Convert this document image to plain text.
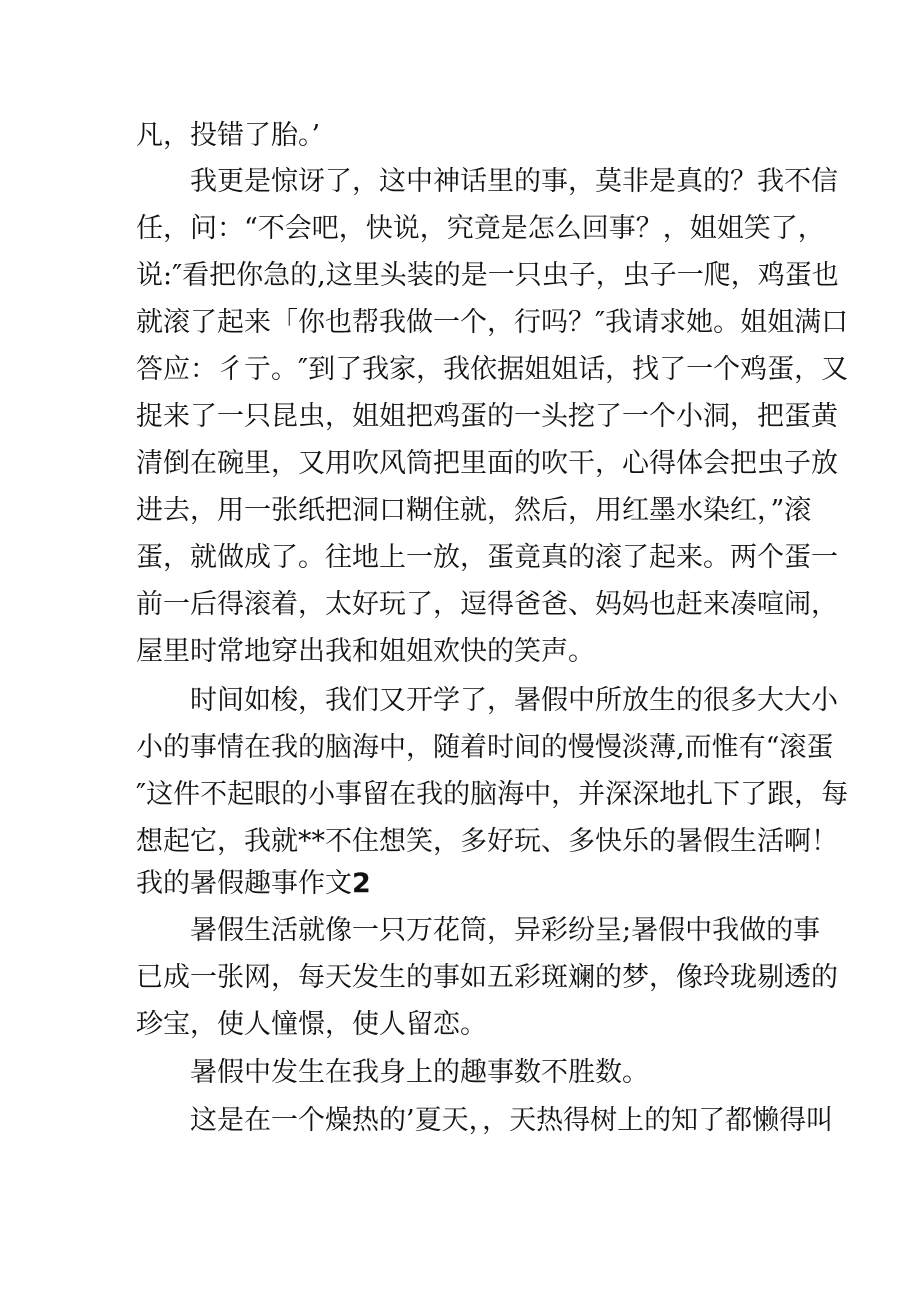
凡，投错了胎。’
我更是惊讶了，这中神话里的事，莫非是真的？我不信
任，问：“不会吧，快说，究竟是怎么回事？，姐姐笑了，
说:″看把你急的,这里头装的是一只虫子，虫子一爬，鸡蛋也
就滚了起来「你也帮我做一个，行吗？″我请求她。姐姐满口
答应：彳亍。″到了我家，我依据姐姐话，找了一个鸡蛋，又
捉来了一只昆虫，姐姐把鸡蛋的一头挖了一个小洞，把蛋黄
清倒在碗里，又用吹风筒把里面的吹干，心得体会把虫子放
进去，用一张纸把洞口糊住就，然后，用红墨水染红，”滚
蛋，就做成了。往地上一放，蛋竟真的滚了起来。两个蛋一
前一后得滚着，太好玩了，逗得爸爸、妈妈也赶来凑喧闹，
屋里时常地穿出我和姐姐欢快的笑声。
时间如梭，我们又开学了，暑假中所放生的很多大大小
小的事情在我的脑海中，随着时间的慢慢淡薄,而惟有“滚蛋
″这件不起眼的小事留在我的脑海中，并深深地扎下了跟，每
想起它，我就**不住想笑，多好玩、多快乐的暑假生活啊！
我的暑假趣事作文2
暑假生活就像一只万花筒，异彩纷呈;暑假中我做的事
已成一张网，每天发生的事如五彩斑斓的梦，像玲珑剔透的
珍宝，使人憧憬，使人留恋。
暑假中发生在我身上的趣事数不胜数。
这是在一个燥热的’夏天，，天热得树上的知了都懒得叫
